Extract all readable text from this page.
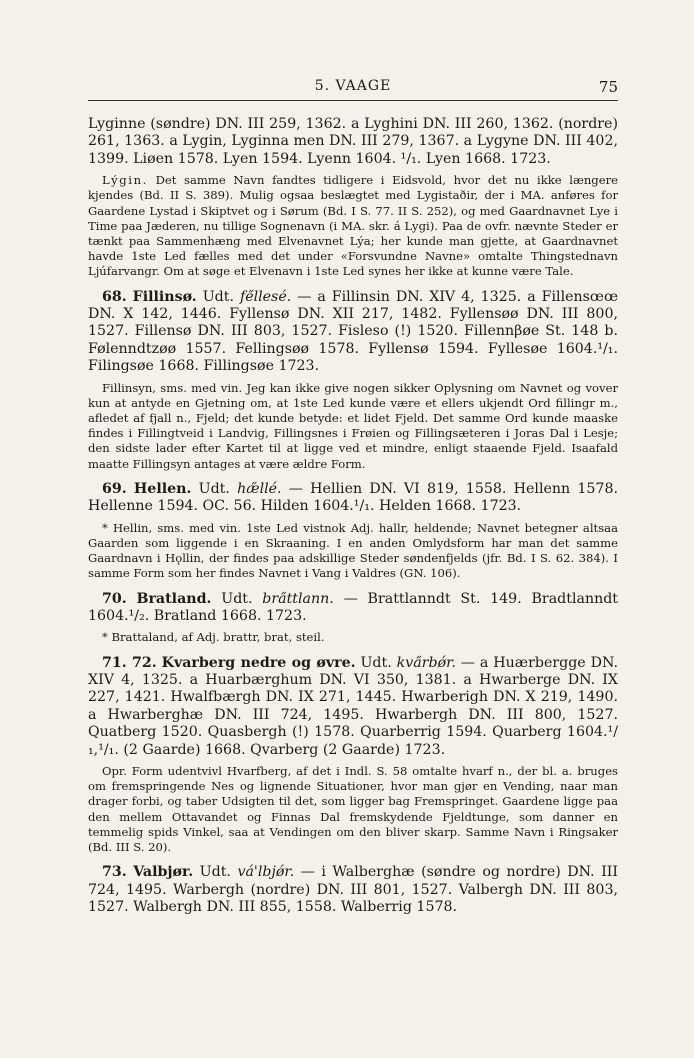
5. VAAGE	75

Lyginne (søndre) DN. III 259, 1362. a Lyghini DN. III 260, 1362. (nordre) 261, 1363. a Lygin, Lyginna men DN. III 279, 1367. a Lygyne DN. III 402, 1399. Liøen 1578. Lyen 1594. Lyenn 1604. ¹/₁. Lyen 1668. 1723.

Lýgin. Det samme Navn fandtes tidligere i Eidsvold, hvor det nu ikke længere kjendes (Bd. II S. 389). Mulig ogsaa beslægtet med Lygistaðir, der i MA. anføres for Gaardene Lystad i Skiptvet og i Sørum (Bd. I S. 77. II S. 252), og med Gaardnavnet Lye i Time paa Jæderen, nu tillige Sognenavn (i MA. skr. á Lygi). Paa de ovfr. nævnte Steder er tænkt paa Sammenhæng med Elvenavnet Lýa; her kunde man gjette, at Gaardnavnet havde 1ste Led fælles med det under «Forsvundne Navne» omtalte Thingstednavn Ljúfarvangr. Om at søge et Elvenavn i 1ste Led synes her ikke at kunne være Tale.

68. Fillinsø. Udt. fe̋llesé. — a Fillinsin DN. XIV 4, 1325. a Fillensœœ DN. X 142, 1446. Fyllensø DN. XII 217, 1482. Fyllensøø DN. III 800, 1527. Fillensø DN. III 803, 1527. Fisleso (!) 1520. Fillennβøe St. 148 b. Følenndtzøø 1557. Fellingsøø 1578. Fyllensø 1594. Fyllesøe 1604.¹/₁. Filingsøe 1668. Fillingsøe 1723.

Fillinsyn, sms. med vin. Jeg kan ikke give nogen sikker Oplysning om Navnet og vover kun at antyde en Gjetning om, at 1ste Led kunde være et ellers ukjendt Ord fillingr m., afledet af fjall n., Fjeld; det kunde betyde: et lidet Fjeld. Det samme Ord kunde maaske findes i Fillingtveid i Landvig, Fillingsnes i Frøien og Fillingsæteren i Joras Dal i Lesje; den sidste lader efter Kartet til at ligge ved et mindre, enligt staaende Fjeld. Isaafald maatte Fillingsyn antages at være ældre Form.

69. Hellen. Udt. hæ̋llé. — Hellien DN. VI 819, 1558. Hellenn 1578. Hellenne 1594. OC. 56. Hilden 1604.¹/₁. Helden 1668. 1723.

* Hellin, sms. med vin. 1ste Led vistnok Adj. hallr, heldende; Navnet betegner altsaa Gaarden som liggende i en Skraaning. I en anden Omlydsform har man det samme Gaardnavn i Hǫllin, der findes paa adskillige Steder søndenfjelds (jfr. Bd. I S. 62. 384). I samme Form som her findes Navnet i Vang i Valdres (GN. 106).

70. Bratland. Udt. bra̋ttlann. — Brattlanndt St. 149. Bradtlanndt 1604.¹/₂. Bratland 1668. 1723.

* Brattaland, af Adj. brattr, brat, steil.

71. 72. Kvarberg nedre og øvre. Udt. kva̋rbǿr. — a Huærbergge DN. XIV 4, 1325. a Huarbærghum DN. VI 350, 1381. a Hwarberge DN. IX 227, 1421. Hwalfbærgh DN. IX 271, 1445. Hwarberigh DN. X 219, 1490. a Hwarberghæ DN. III 724, 1495. Hwarbergh DN. III 800, 1527. Quatberg 1520. Quasbergh (!) 1578. Quarberrig 1594. Quarberg 1604.¹/₁,¹/₁. (2 Gaarde) 1668. Qvarberg (2 Gaarde) 1723.

Opr. Form udentvivl Hvarfberg, af det i Indl. S. 58 omtalte hvarf n., der bl. a. bruges om fremspringende Nes og lignende Situationer, hvor man gjør en Vending, naar man drager forbi, og taber Udsigten til det, som ligger bag Fremspringet. Gaardene ligge paa den mellem Ottavandet og Finnas Dal fremskydende Fjeldtunge, som danner en temmelig spids Vinkel, saa at Vendingen om den bliver skarp. Samme Navn i Ringsaker (Bd. III S. 20).

73. Valbjør. Udt. vá'lbjǿr. — i Walberghæ (søndre og nordre) DN. III 724, 1495. Warbergh (nordre) DN. III 801, 1527. Valbergh DN. III 803, 1527. Walbergh DN. III 855, 1558. Walberrig 1578.
